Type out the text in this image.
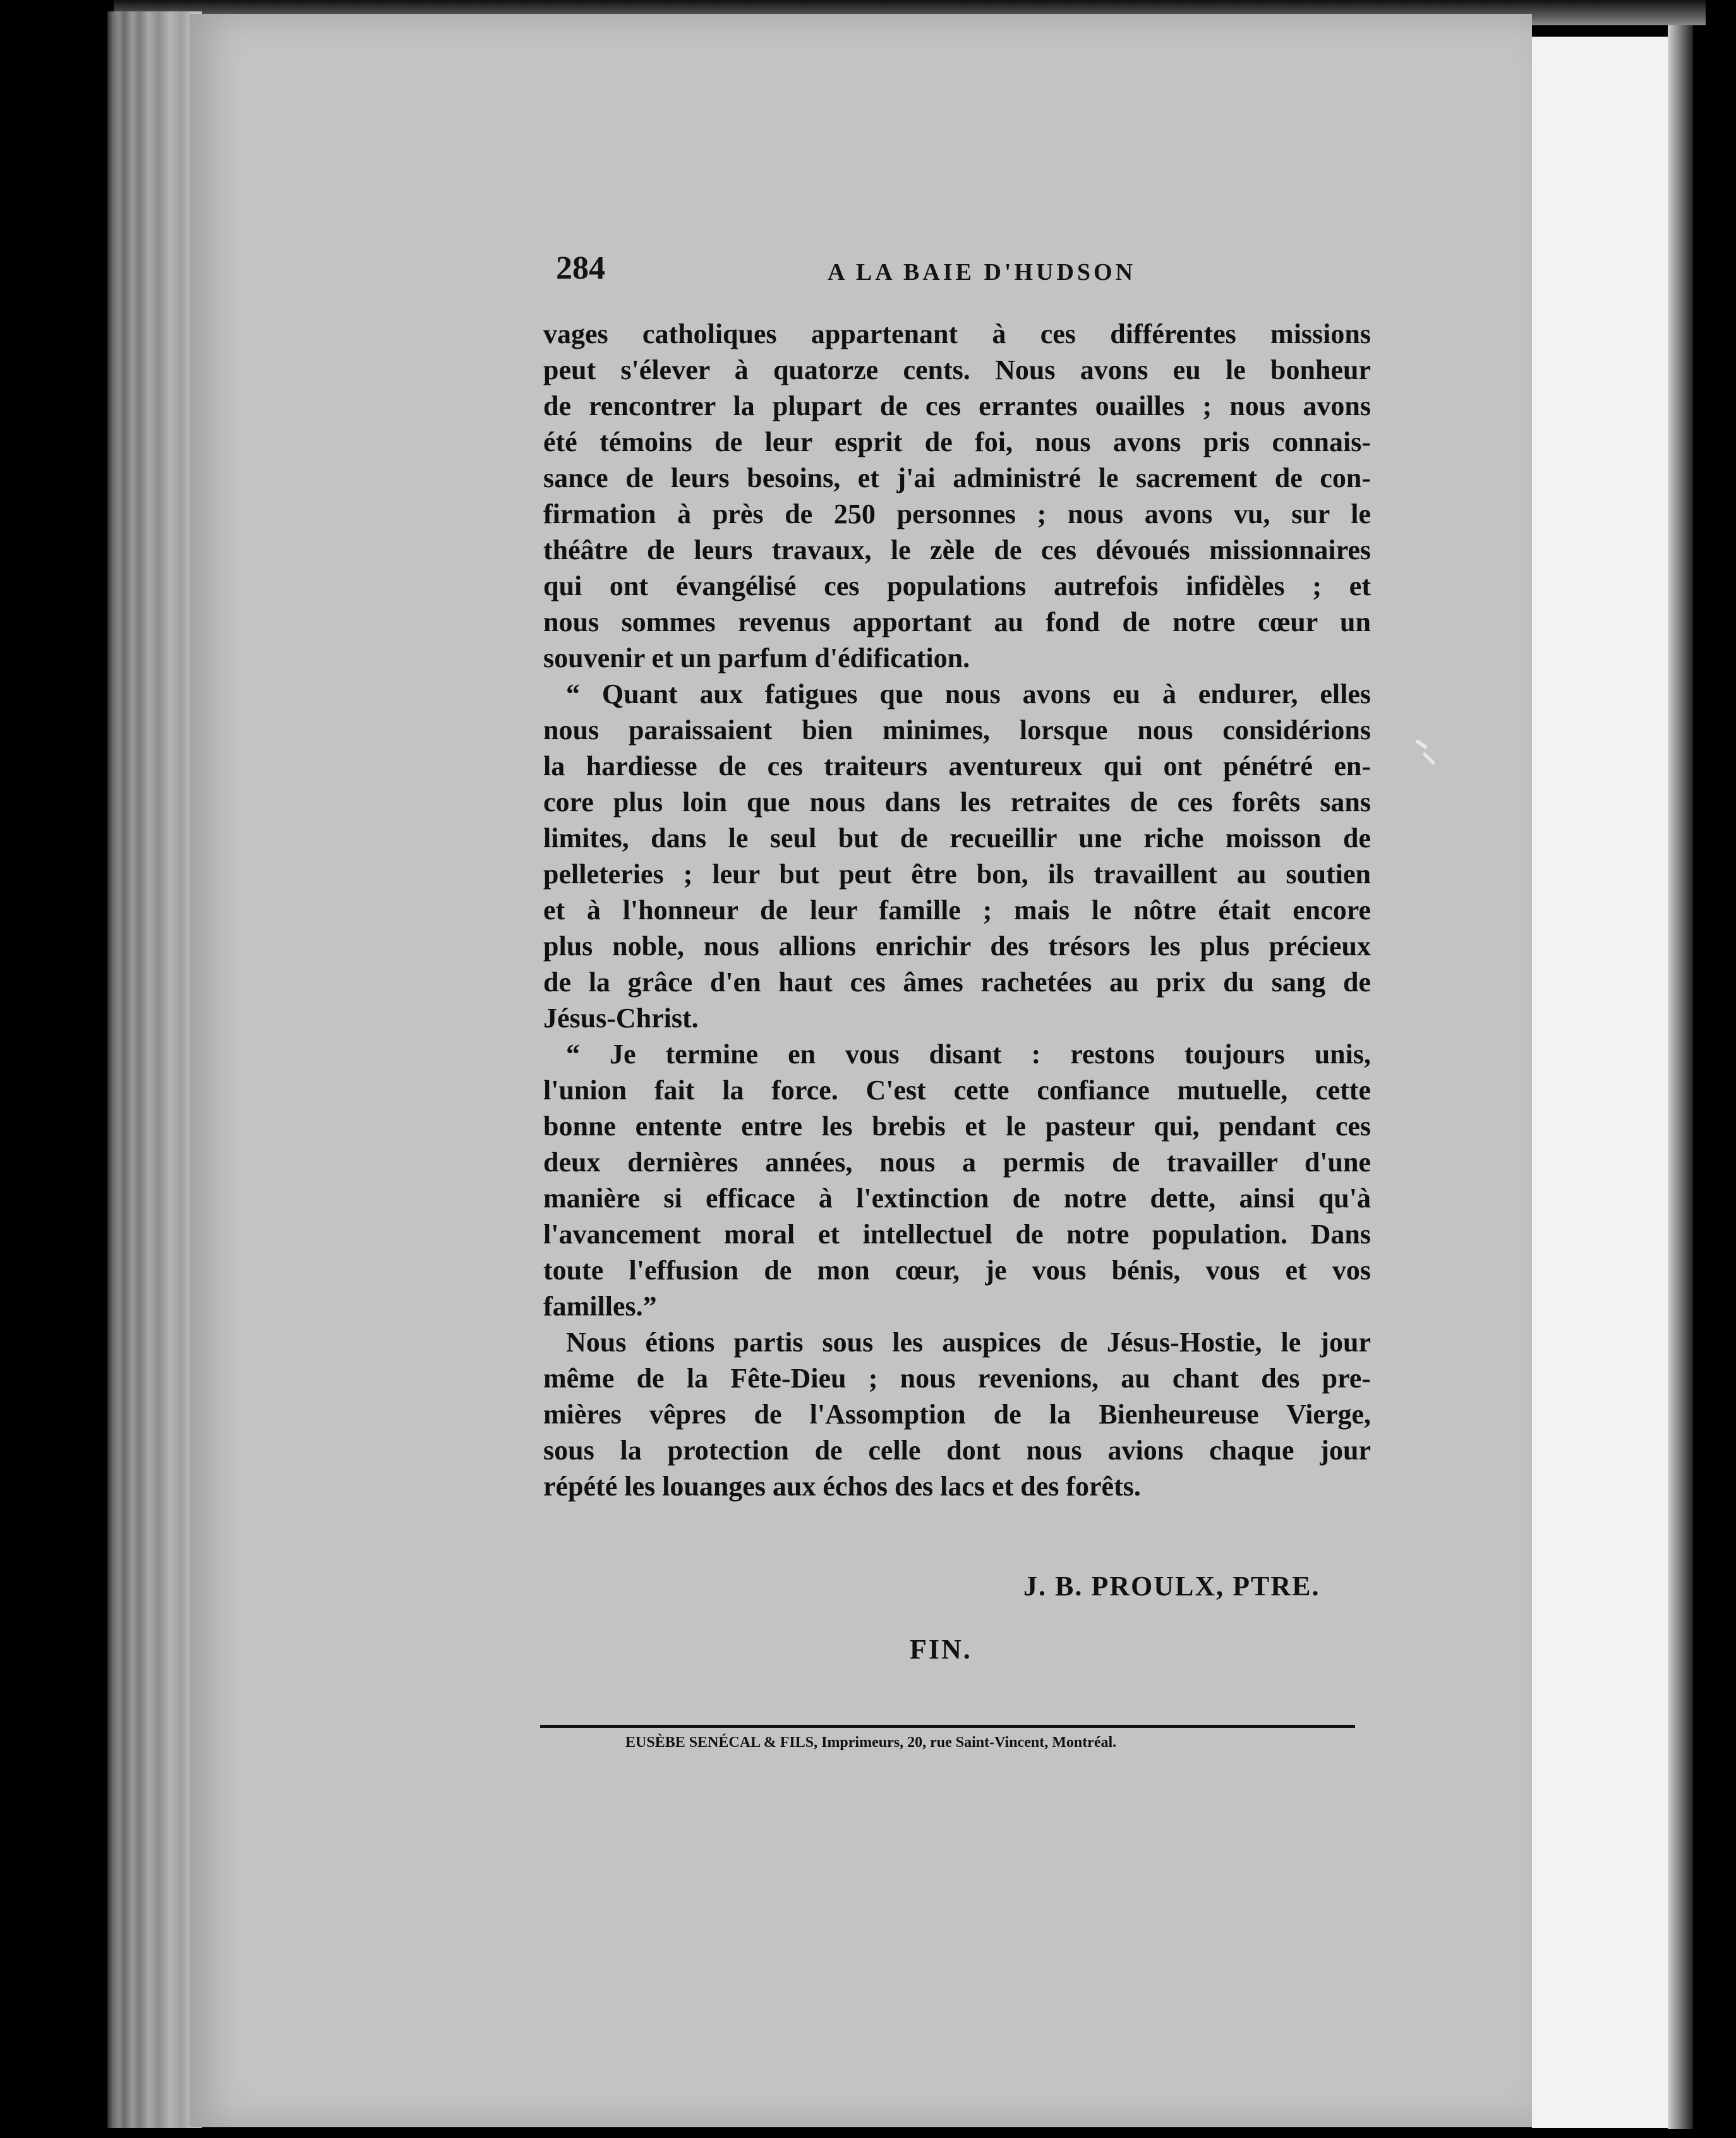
284	A LA BAIE D'HUDSON
vages catholiques appartenant à ces différentes missions
peut s'élever à quatorze cents. Nous avons eu le bonheur
de rencontrer la plupart de ces errantes ouailles ; nous avons
été témoins de leur esprit de foi, nous avons pris connais-
sance de leurs besoins, et j'ai administré le sacrement de con-
firmation à près de 250 personnes ; nous avons vu, sur le
théâtre de leurs travaux, le zèle de ces dévoués missionnaires
qui ont évangélisé ces populations autrefois infidèles ; et
nous sommes revenus apportant au fond de notre cœur un
souvenir et un parfum d'édification.
“ Quant aux fatigues que nous avons eu à endurer, elles
nous paraissaient bien minimes, lorsque nous considérions
la hardiesse de ces traiteurs aventureux qui ont pénétré en-
core plus loin que nous dans les retraites de ces forêts sans
limites, dans le seul but de recueillir une riche moisson de
pelleteries ; leur but peut être bon, ils travaillent au soutien
et à l'honneur de leur famille ; mais le nôtre était encore
plus noble, nous allions enrichir des trésors les plus précieux
de la grâce d'en haut ces âmes rachetées au prix du sang de
Jésus-Christ.
“ Je termine en vous disant : restons toujours unis,
l'union fait la force. C'est cette confiance mutuelle, cette
bonne entente entre les brebis et le pasteur qui, pendant ces
deux dernières années, nous a permis de travailler d'une
manière si efficace à l'extinction de notre dette, ainsi qu'à
l'avancement moral et intellectuel de notre population. Dans
toute l'effusion de mon cœur, je vous bénis, vous et vos
familles.”
Nous étions partis sous les auspices de Jésus-Hostie, le jour
même de la Fête-Dieu ; nous revenions, au chant des pre-
mières vêpres de l'Assomption de la Bienheureuse Vierge,
sous la protection de celle dont nous avions chaque jour
répété les louanges aux échos des lacs et des forêts.
J. B. PROULX, PTRE.
FIN.
EUSÈBE SENÉCAL & FILS, Imprimeurs, 20, rue Saint-Vincent, Montréal.
